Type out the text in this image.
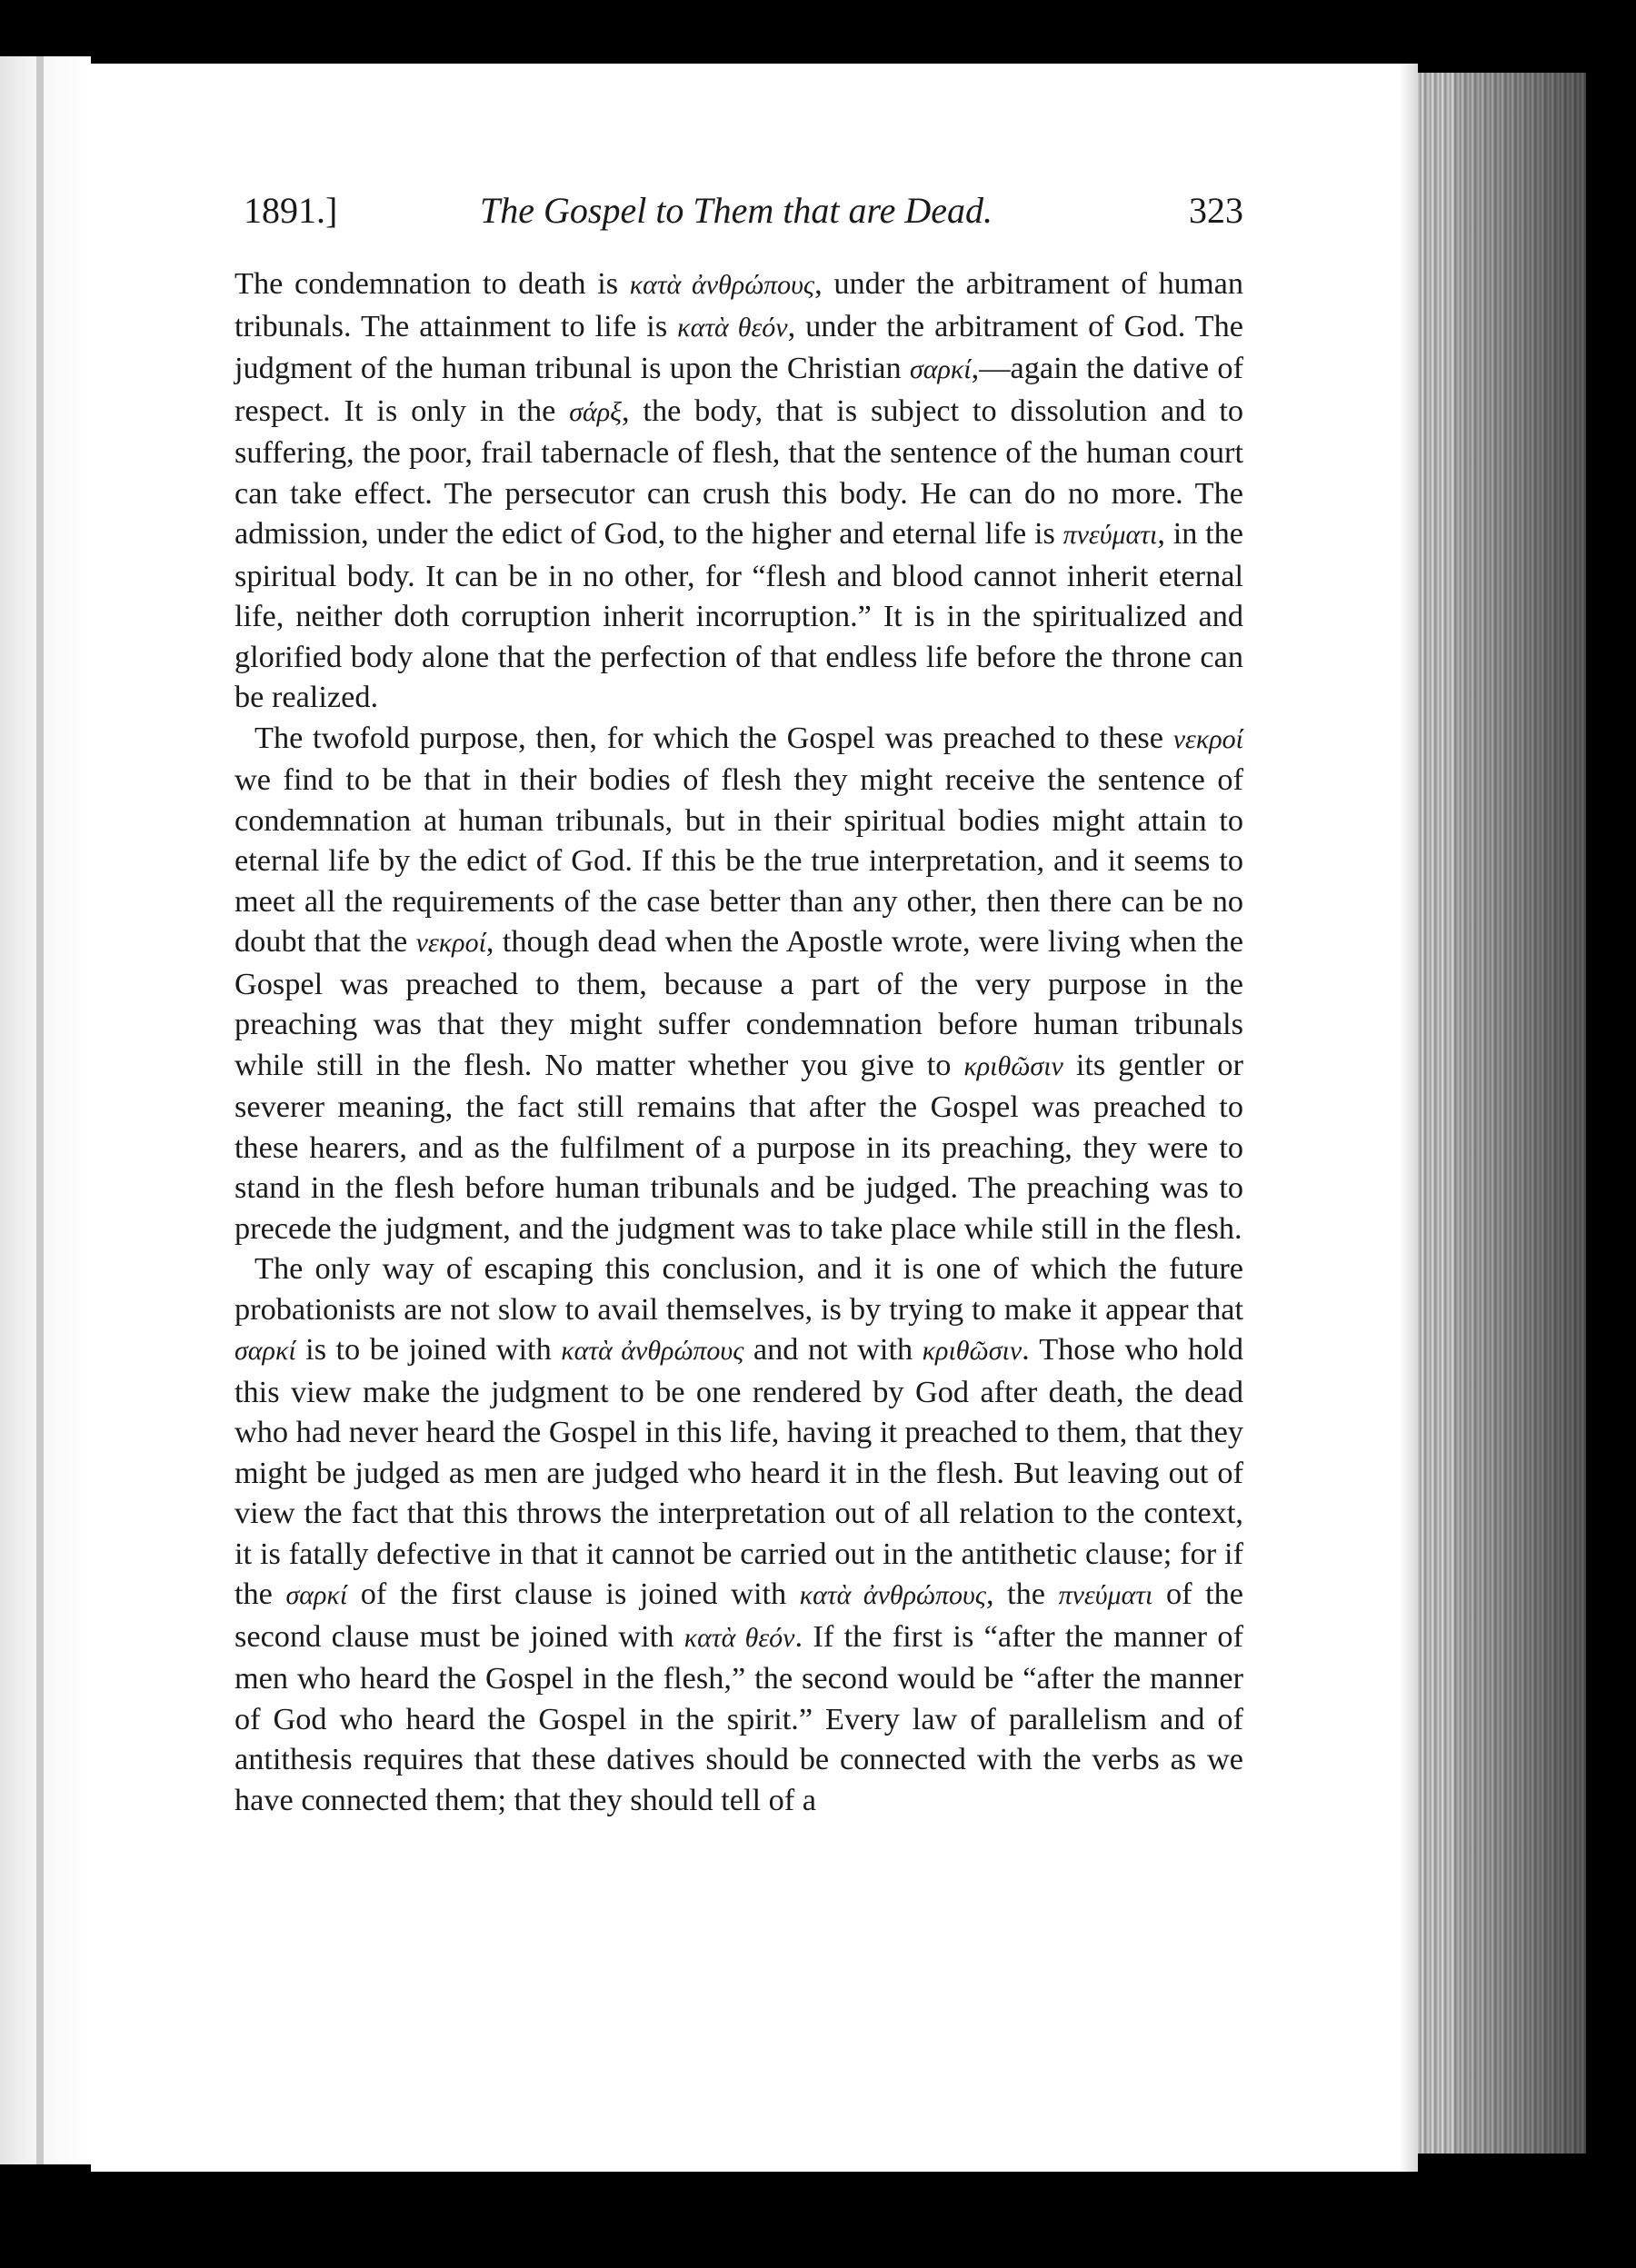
1891.]	The Gospel to Them that are Dead.	323

The condemnation to death is κατὰ ἀνθρώπους, under the arbitrament of human tribunals. The attainment to life is κατὰ θεόν, under the arbitrament of God. The judgment of the human tribunal is upon the Christian σαρκί,—again the dative of respect. It is only in the σάρξ, the body, that is subject to dissolution and to suffering, the poor, frail tabernacle of flesh, that the sentence of the human court can take effect. The persecutor can crush this body. He can do no more. The admission, under the edict of God, to the higher and eternal life is πνεύματι, in the spiritual body. It can be in no other, for “flesh and blood cannot inherit eternal life, neither doth corruption inherit incorruption.” It is in the spiritualized and glorified body alone that the perfection of that endless life before the throne can be realized.

The twofold purpose, then, for which the Gospel was preached to these νεκροί we find to be that in their bodies of flesh they might receive the sentence of condemnation at human tribunals, but in their spiritual bodies might attain to eternal life by the edict of God. If this be the true interpretation, and it seems to meet all the requirements of the case better than any other, then there can be no doubt that the νεκροί, though dead when the Apostle wrote, were living when the Gospel was preached to them, because a part of the very purpose in the preaching was that they might suffer condemnation before human tribunals while still in the flesh. No matter whether you give to κριθῶσιν its gentler or severer meaning, the fact still remains that after the Gospel was preached to these hearers, and as the fulfilment of a purpose in its preaching, they were to stand in the flesh before human tribunals and be judged. The preaching was to precede the judgment, and the judgment was to take place while still in the flesh.

The only way of escaping this conclusion, and it is one of which the future probationists are not slow to avail themselves, is by trying to make it appear that σαρκί is to be joined with κατὰ ἀνθρώπους and not with κριθῶσιν. Those who hold this view make the judgment to be one rendered by God after death, the dead who had never heard the Gospel in this life, having it preached to them, that they might be judged as men are judged who heard it in the flesh. But leaving out of view the fact that this throws the interpretation out of all relation to the context, it is fatally defective in that it cannot be carried out in the antithetic clause; for if the σαρκί of the first clause is joined with κατὰ ἀνθρώπους, the πνεύματι of the second clause must be joined with κατὰ θεόν. If the first is “after the manner of men who heard the Gospel in the flesh,” the second would be “after the manner of God who heard the Gospel in the spirit.” Every law of parallelism and of antithesis requires that these datives should be connected with the verbs as we have connected them; that they should tell of a
